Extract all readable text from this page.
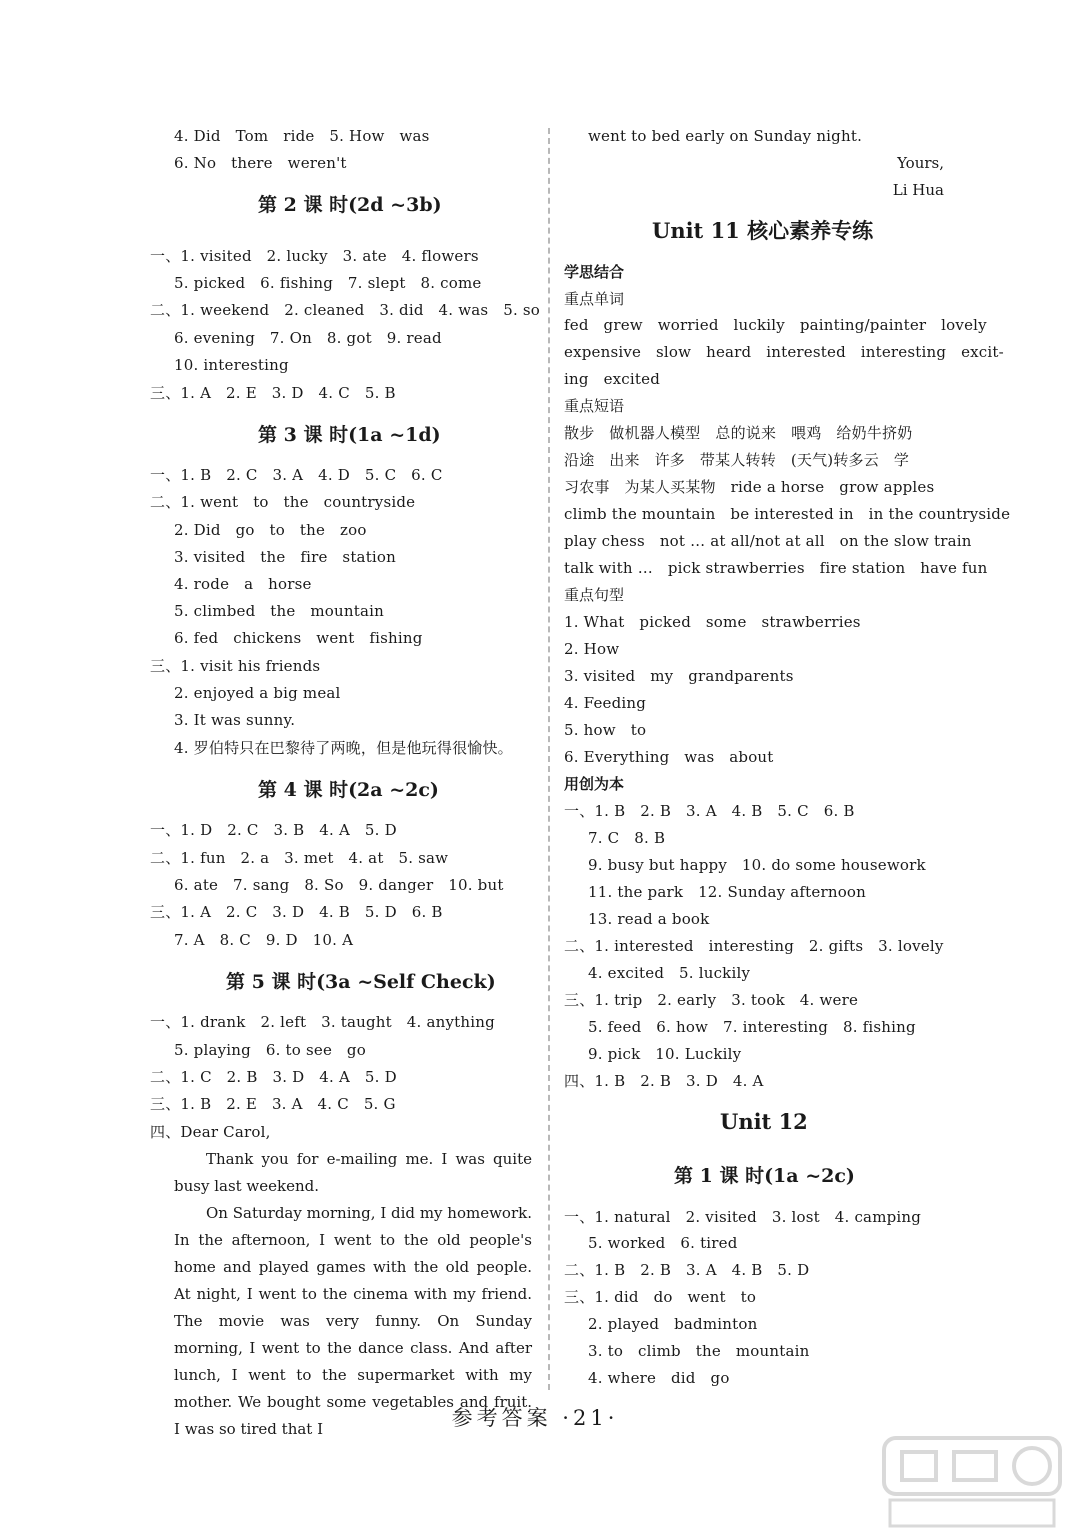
4. Did   Tom   ride   5. How   was
6. No   there   weren't
第 2 课 时(2d ~3b)
一、1. visited   2. lucky   3. ate   4. flowers
5. picked   6. fishing   7. slept   8. come
二、1. weekend   2. cleaned   3. did   4. was   5. so
6. evening   7. On   8. got   9. read
10. interesting
三、1. A   2. E   3. D   4. C   5. B
第 3 课 时(1a ~1d)
一、1. B   2. C   3. A   4. D   5. C   6. C
二、1. went   to   the   countryside
2. Did   go   to   the   zoo
3. visited   the   fire   station
4. rode   a   horse
5. climbed   the   mountain
6. fed   chickens   went   fishing
三、1. visit his friends
2. enjoyed a big meal
3. It was sunny.
4. 罗伯特只在巴黎待了两晚，但是他玩得很愉快。
第 4 课 时(2a ~2c)
一、1. D   2. C   3. B   4. A   5. D
二、1. fun   2. a   3. met   4. at   5. saw
6. ate   7. sang   8. So   9. danger   10. but
三、1. A   2. C   3. D   4. B   5. D   6. B
7. A   8. C   9. D   10. A
第 5 课 时(3a ~Self Check)
一、1. drank   2. left   3. taught   4. anything
5. playing   6. to see   go
二、1. C   2. B   3. D   4. A   5. D
三、1. B   2. E   3. A   4. C   5. G
四、Dear Carol,
Thank you for e-mailing me. I was quite busy last weekend.
On Saturday morning, I did my homework. In the afternoon, I went to the old people's home and played games with the old people. At night, I went to the cinema with my friend. The movie was very funny. On Sunday morning, I went to the dance class. And after lunch, I went to the supermarket with my mother. We bought some vegetables and fruit. I was so tired that I
went to bed early on Sunday night.
Yours,
Li Hua
Unit 11 核心素养专练
学思结合
重点单词
fed   grew   worried   luckily   painting/painter   lovely
expensive   slow   heard   interested   interesting   excit-
ing   excited
重点短语
散步   做机器人模型   总的说来   喂鸡   给奶牛挤奶
沿途   出来   许多   带某人转转   (天气)转多云   学
习农事   为某人买某物   ride a horse   grow apples
climb the mountain   be interested in   in the countryside
play chess   not … at all/not at all   on the slow train
talk with …   pick strawberries   fire station   have fun
重点句型
1. What   picked   some   strawberries
2. How
3. visited   my   grandparents
4. Feeding
5. how   to
6. Everything   was   about
用创为本
一、1. B   2. B   3. A   4. B   5. C   6. B
7. C   8. B
9. busy but happy   10. do some housework
11. the park   12. Sunday afternoon
13. read a book
二、1. interested   interesting   2. gifts   3. lovely
4. excited   5. luckily
三、1. trip   2. early   3. took   4. were
5. feed   6. how   7. interesting   8. fishing
9. pick   10. Luckily
四、1. B   2. B   3. D   4. A
Unit 12
第 1 课 时(1a ~2c)
一、1. natural   2. visited   3. lost   4. camping
5. worked   6. tired
二、1. B   2. B   3. A   4. B   5. D
三、1. did   do   went   to
2. played   badminton
3. to   climb   the   mountain
4. where   did   go
参考答案 ·21·
